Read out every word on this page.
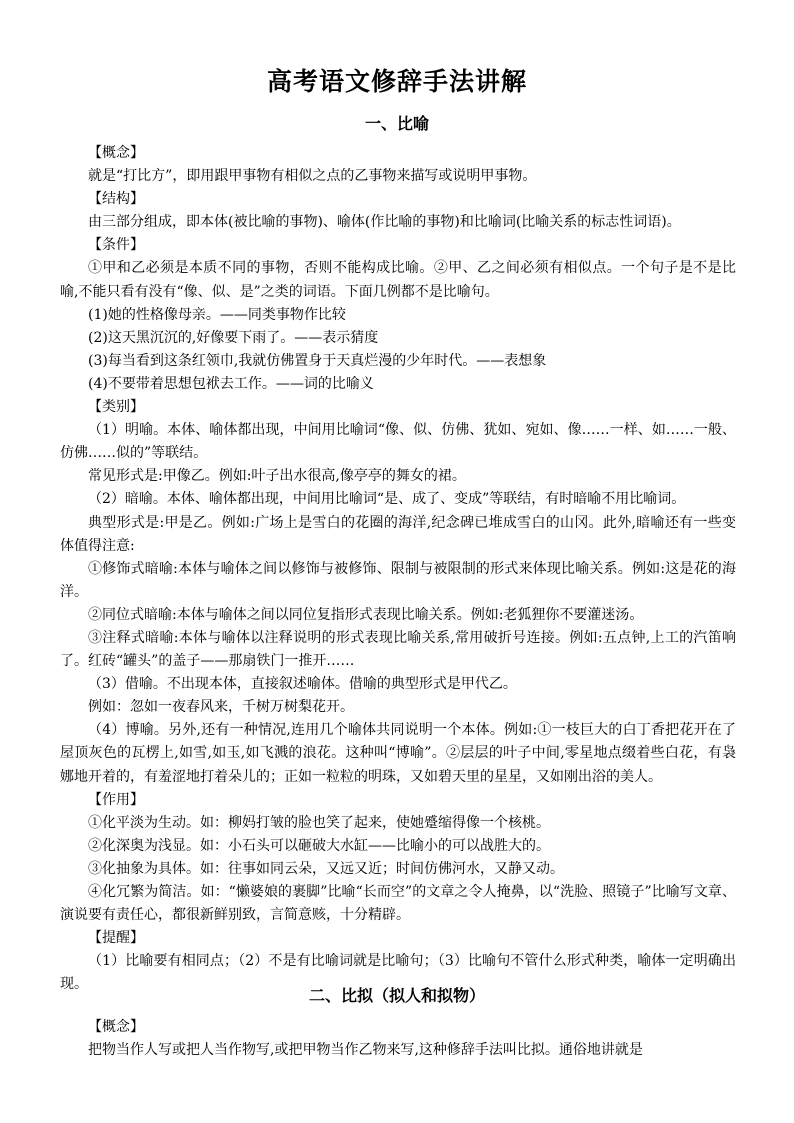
高考语文修辞手法讲解
一、比喻

【概念】

就是“打比方”，即用跟甲事物有相似之点的乙事物来描写或说明甲事物。

【结构】

由三部分组成，即本体(被比喻的事物)、喻体(作比喻的事物)和比喻词(比喻关系的标志性词语)。

【条件】

①甲和乙必须是本质不同的事物，否则不能构成比喻。②甲、乙之间必须有相似点。一个句子是不是比喻,不能只看有没有“像、似、是”之类的词语。下面几例都不是比喻句。

(1)她的性格像母亲。——同类事物作比较

(2)这天黑沉沉的,好像要下雨了。——表示猜度

(3)每当看到这条红领巾,我就仿佛置身于天真烂漫的少年时代。——表想象

(4)不要带着思想包袱去工作。——词的比喻义

【类别】

（1）明喻。本体、喻体都出现，中间用比喻词“像、似、仿佛、犹如、宛如、像……一样、如……一般、仿佛……似的”等联结。

常见形式是:甲像乙。例如:叶子出水很高,像亭亭的舞女的裙。

（2）暗喻。本体、喻体都出现，中间用比喻词“是、成了、变成”等联结，有时暗喻不用比喻词。

典型形式是:甲是乙。例如:广场上是雪白的花圈的海洋,纪念碑已堆成雪白的山冈。此外,暗喻还有一些变体值得注意:

①修饰式暗喻:本体与喻体之间以修饰与被修饰、限制与被限制的形式来体现比喻关系。例如:这是花的海洋。

②同位式暗喻:本体与喻体之间以同位复指形式表现比喻关系。例如:老狐狸你不要灌迷汤。

③注释式暗喻:本体与喻体以注释说明的形式表现比喻关系,常用破折号连接。例如:五点钟,上工的汽笛响了。红砖“罐头”的盖子——那扇铁门一推开……

（3）借喻。不出现本体，直接叙述喻体。借喻的典型形式是甲代乙。

例如：忽如一夜春风来，千树万树梨花开。

（4）博喻。另外,还有一种情况,连用几个喻体共同说明一个本体。例如:①一枝巨大的白丁香把花开在了屋顶灰色的瓦楞上,如雪,如玉,如飞溅的浪花。这种叫“博喻”。②层层的叶子中间,零星地点缀着些白花，有袅娜地开着的，有羞涩地打着朵儿的；正如一粒粒的明珠，又如碧天里的星星，又如刚出浴的美人。

【作用】

①化平淡为生动。如：柳妈打皱的脸也笑了起来，使她蹙缩得像一个核桃。

②化深奥为浅显。如：小石头可以砸破大水缸——比喻小的可以战胜大的。

③化抽象为具体。如：往事如同云朵，又远又近；时间仿佛河水，又静又动。

④化冗繁为简洁。如：“懒婆娘的裹脚”比喻“长而空”的文章之令人掩鼻，以“洗脸、照镜子”比喻写文章、演说要有责任心，都很新鲜别致，言简意赅，十分精辟。

【提醒】

（1）比喻要有相同点；（2）不是有比喻词就是比喻句；（3）比喻句不管什么形式种类，喻体一定明确出现。

二、比拟（拟人和拟物）

【概念】

把物当作人写或把人当作物写,或把甲物当作乙物来写,这种修辞手法叫比拟。通俗地讲就是
